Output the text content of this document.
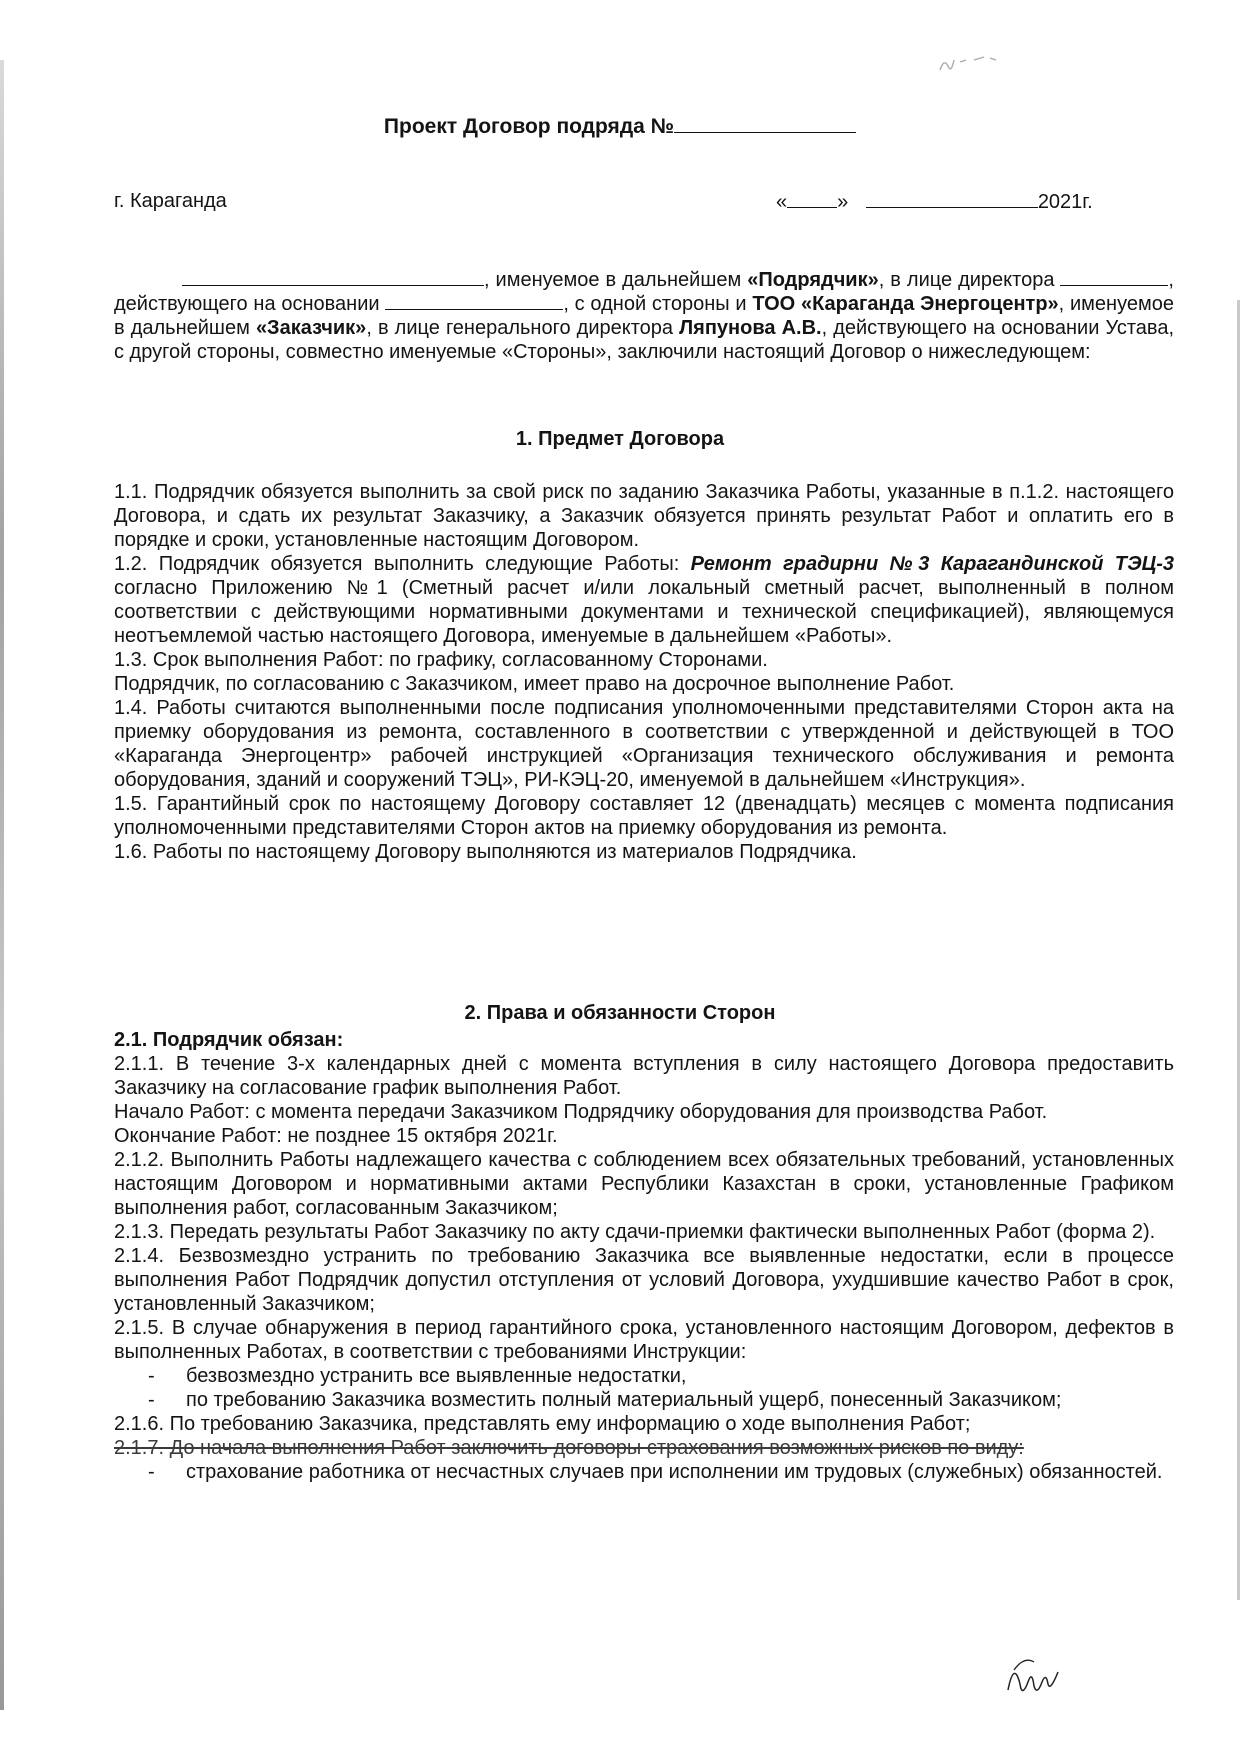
Проект Договор подряда №
г. Караганда	«	»	2021г.
, именуемое в дальнейшем «Подрядчик», в лице директора	, действующего на основании	, с одной стороны и ТОО «Караганда Энергоцентр», именуемое в дальнейшем «Заказчик», в лице генерального директора Ляпунова А.В., действующего на основании Устава, с другой стороны, совместно именуемые «Стороны», заключили настоящий Договор о нижеследующем:
1. Предмет Договора
1.1. Подрядчик обязуется выполнить за свой риск по заданию Заказчика Работы, указанные в п.1.2. настоящего Договора, и сдать их результат Заказчику, а Заказчик обязуется принять результат Работ и оплатить его в порядке и сроки, установленные настоящим Договором.
1.2. Подрядчик обязуется выполнить следующие Работы: Ремонт градирни №3 Карагандинской ТЭЦ-3 согласно Приложению №1 (Сметный расчет и/или локальный сметный расчет, выполненный в полном соответствии с действующими нормативными документами и технической спецификацией), являющемуся неотъемлемой частью настоящего Договора, именуемые в дальнейшем «Работы».
1.3. Срок выполнения Работ: по графику, согласованному Сторонами.
Подрядчик, по согласованию с Заказчиком, имеет право на досрочное выполнение Работ.
1.4. Работы считаются выполненными после подписания уполномоченными представителями Сторон акта на приемку оборудования из ремонта, составленного в соответствии с утвержденной и действующей в ТОО «Караганда Энергоцентр» рабочей инструкцией «Организация технического обслуживания и ремонта оборудования, зданий и сооружений ТЭЦ», РИ-КЭЦ-20, именуемой в дальнейшем «Инструкция».
1.5. Гарантийный срок по настоящему Договору составляет 12 (двенадцать) месяцев с момента подписания уполномоченными представителями Сторон актов на приемку оборудования из ремонта.
1.6. Работы по настоящему Договору выполняются из материалов Подрядчика.
2. Права и обязанности Сторон
2.1. Подрядчик обязан:
2.1.1. В течение 3-х календарных дней с момента вступления в силу настоящего Договора предоставить Заказчику на согласование график выполнения Работ.
Начало Работ: с момента передачи Заказчиком Подрядчику оборудования для производства Работ.
Окончание Работ: не позднее 15 октября 2021г.
2.1.2. Выполнить Работы надлежащего качества с соблюдением всех обязательных требований, установленных настоящим Договором и нормативными актами Республики Казахстан в сроки, установленные Графиком выполнения работ, согласованным Заказчиком;
2.1.3. Передать результаты Работ Заказчику по акту сдачи-приемки фактически выполненных Работ (форма 2).
2.1.4. Безвозмездно устранить по требованию Заказчика все выявленные недостатки, если в процессе выполнения Работ Подрядчик допустил отступления от условий Договора, ухудшившие качество Работ в срок, установленный Заказчиком;
2.1.5. В случае обнаружения в период гарантийного срока, установленного настоящим Договором, дефектов в выполненных Работах, в соответствии с требованиями Инструкции:
- безвозмездно устранить все выявленные недостатки,
- по требованию Заказчика возместить полный материальный ущерб, понесенный Заказчиком;
2.1.6. По требованию Заказчика, представлять ему информацию о ходе выполнения Работ;
2.1.7. До начала выполнения Работ заключить договоры страхования возможных рисков по виду:
- страхование работника от несчастных случаев при исполнении им трудовых (служебных) обязанностей.
